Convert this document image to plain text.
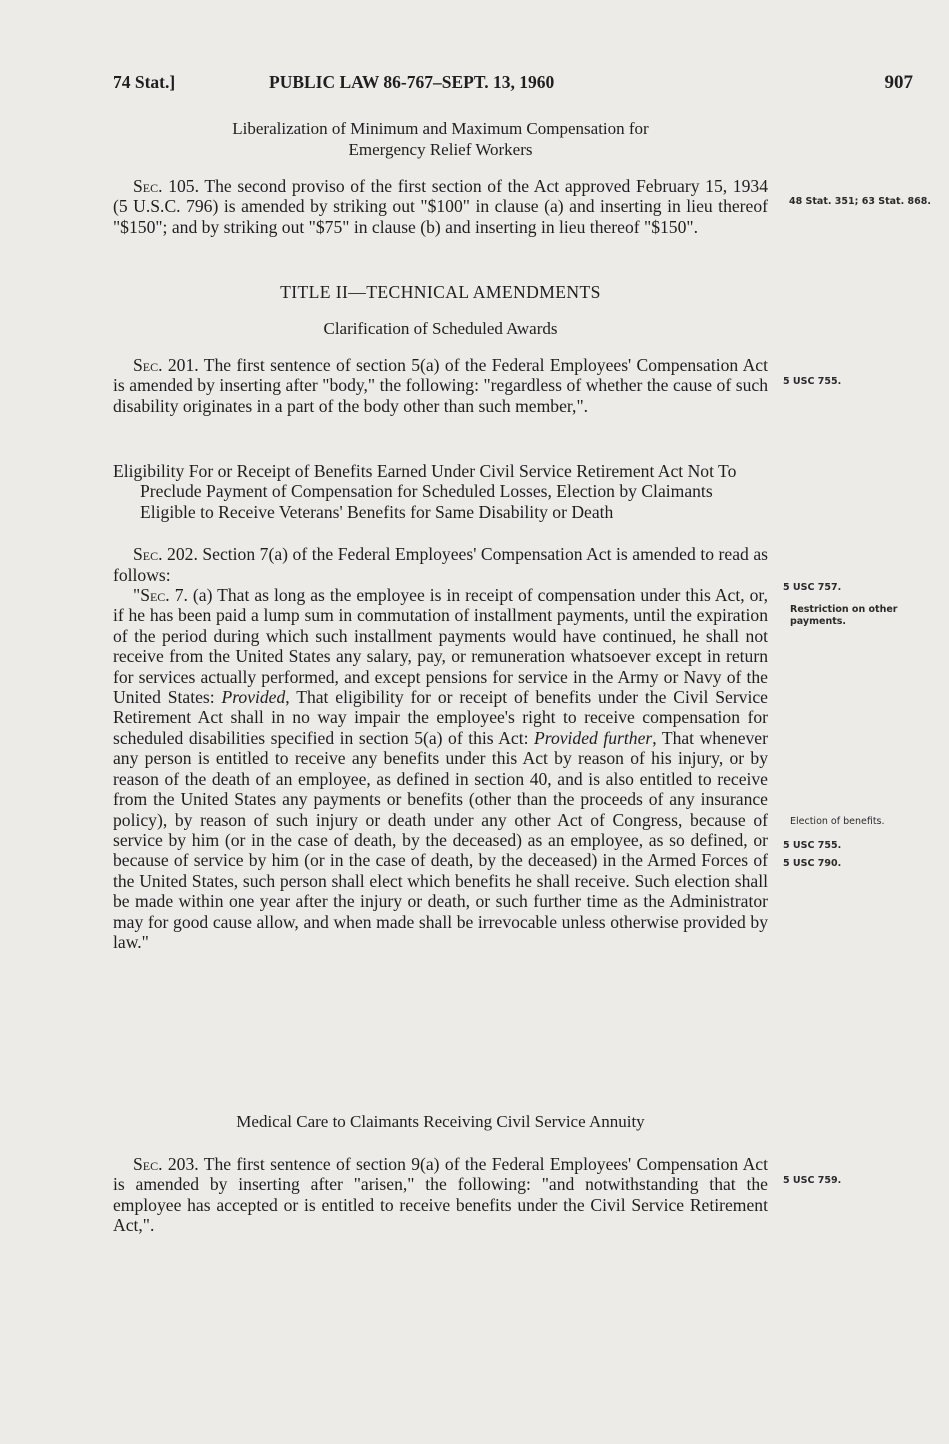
74 Stat.]	PUBLIC LAW 86-767–SEPT. 13, 1960	907
Liberalization of Minimum and Maximum Compensation for
Emergency Relief Workers

Sec. 105. The second proviso of the first section of the Act approved February 15, 1934 (5 U.S.C. 796) is amended by striking out "$100" in clause (a) and inserting in lieu thereof "$150"; and by striking out "$75" in clause (b) and inserting in lieu thereof "$150".

48 Stat. 351; 63 Stat. 868.
TITLE II—TECHNICAL AMENDMENTS
Clarification of Scheduled Awards

Sec. 201. The first sentence of section 5(a) of the Federal Employees' Compensation Act is amended by inserting after "body," the following: "regardless of whether the cause of such disability originates in a part of the body other than such member,".

5 USC 755.

Eligibility For or Receipt of Benefits Earned Under Civil Service Retirement Act Not To Preclude Payment of Compensation for Scheduled Losses, Election by Claimants Eligible to Receive Veterans' Benefits for Same Disability or Death

Sec. 202. Section 7(a) of the Federal Employees' Compensation Act is amended to read as follows:

"Sec. 7. (a) That as long as the employee is in receipt of compensation under this Act, or, if he has been paid a lump sum in commutation of installment payments, until the expiration of the period during which such installment payments would have continued, he shall not receive from the United States any salary, pay, or remuneration whatsoever except in return for services actually performed, and except pensions for service in the Army or Navy of the United States: Provided, That eligibility for or receipt of benefits under the Civil Service Retirement Act shall in no way impair the employee's right to receive compensation for scheduled disabilities specified in section 5(a) of this Act: Provided further, That whenever any person is entitled to receive any benefits under this Act by reason of his injury, or by reason of the death of an employee, as defined in section 40, and is also entitled to receive from the United States any payments or benefits (other than the proceeds of any insurance policy), by reason of such injury or death under any other Act of Congress, because of service by him (or in the case of death, by the deceased) as an employee, as so defined, or because of service by him (or in the case of death, by the deceased) in the Armed Forces of the United States, such person shall elect which benefits he shall receive. Such election shall be made within one year after the injury or death, or such further time as the Administrator may for good cause allow, and when made shall be irrevocable unless otherwise provided by law."

5 USC 757.
Restriction on other payments.
Election of benefits.
5 USC 755.
5 USC 790.
Medical Care to Claimants Receiving Civil Service Annuity

Sec. 203. The first sentence of section 9(a) of the Federal Employees' Compensation Act is amended by inserting after "arisen," the following: "and notwithstanding that the employee has accepted or is entitled to receive benefits under the Civil Service Retirement Act,".

5 USC 759.
